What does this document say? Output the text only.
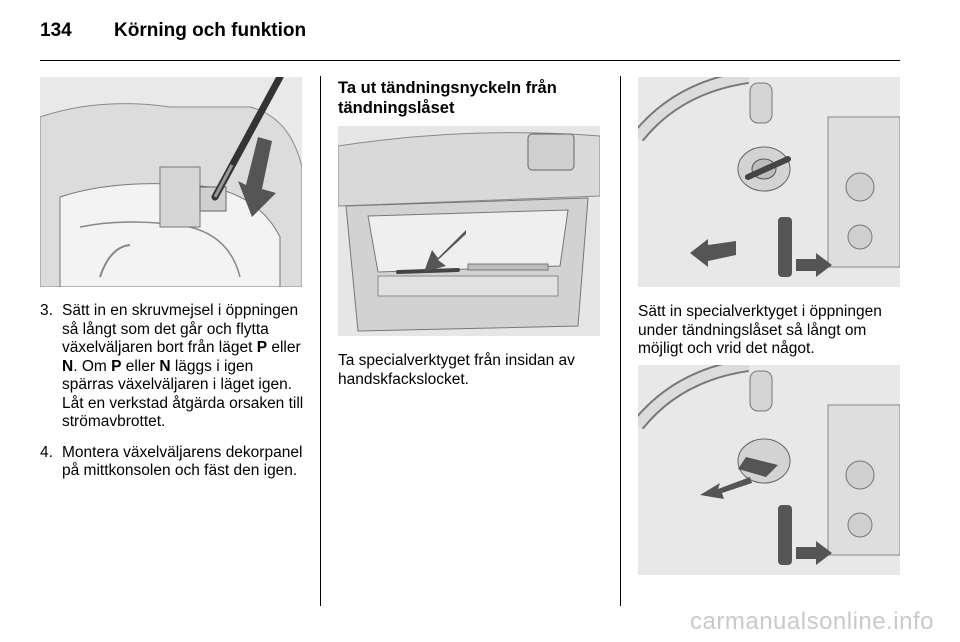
134	Körning och funktion
3. Sätt in en skruvmejsel i öppningen så långt som det går och flytta växelväljaren bort från läget P eller N. Om P eller N läggs i igen spärras växelväljaren i läget igen. Låt en verkstad åtgärda orsaken till strömavbrottet.
4. Montera växelväljarens dekorpanel på mittkonsolen och fäst den igen.
Ta ut tändningsnyckeln från tändningslåset

Ta specialverktyget från insidan av handskfackslocket.

Sätt in specialverktyget i öppningen under tändningslåset så långt om möjligt och vrid det något.

carmanualsonline.info
